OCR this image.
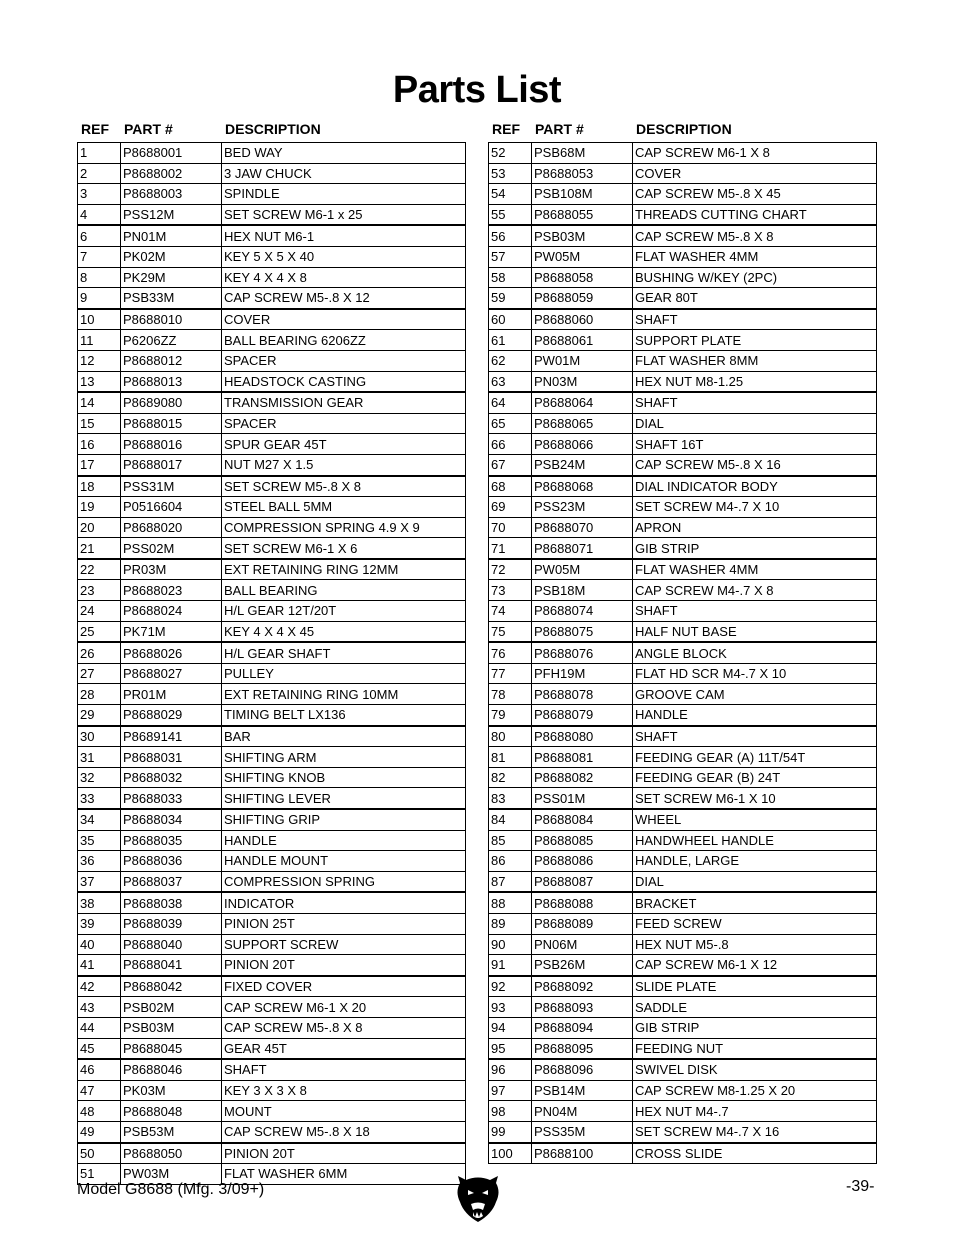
Parts List
REF PART #	DESCRIPTION	REF PART #	DESCRIPTION
1	P8688001	BED WAY
2	P8688002	3 JAW CHUCK
3	P8688003	SPINDLE
4	PSS12M	SET SCREW M6-1 x 25
6	PN01M	HEX NUT M6-1
7	PK02M	KEY 5 X 5 X 40
8	PK29M	KEY 4 X 4 X 8
9	PSB33M	CAP SCREW M5-.8 X 12
10	P8688010	COVER
11	P6206ZZ	BALL BEARING 6206ZZ
12	P8688012	SPACER
13	P8688013	HEADSTOCK CASTING
14	P8689080	TRANSMISSION GEAR
15	P8688015	SPACER
16	P8688016	SPUR GEAR 45T
17	P8688017	NUT M27 X 1.5
18	PSS31M	SET SCREW M5-.8 X 8
19	P0516604	STEEL BALL 5MM
20	P8688020	COMPRESSION SPRING 4.9 X 9
21	PSS02M	SET SCREW M6-1 X 6
22	PR03M	EXT RETAINING RING 12MM
23	P8688023	BALL BEARING
24	P8688024	H/L GEAR 12T/20T
25	PK71M	KEY 4 X 4 X 45
26	P8688026	H/L GEAR SHAFT
27	P8688027	PULLEY
28	PR01M	EXT RETAINING RING 10MM
29	P8688029	TIMING BELT LX136
30	P8689141	BAR
31	P8688031	SHIFTING ARM
32	P8688032	SHIFTING KNOB
33	P8688033	SHIFTING LEVER
34	P8688034	SHIFTING GRIP
35	P8688035	HANDLE
36	P8688036	HANDLE MOUNT
37	P8688037	COMPRESSION SPRING
38	P8688038	INDICATOR
39	P8688039	PINION 25T
40	P8688040	SUPPORT SCREW
41	P8688041	PINION 20T
42	P8688042	FIXED COVER
43	PSB02M	CAP SCREW M6-1 X 20
44	PSB03M	CAP SCREW M5-.8 X 8
45	P8688045	GEAR 45T
46	P8688046	SHAFT
47	PK03M	KEY 3 X 3 X 8
48	P8688048	MOUNT
49	PSB53M	CAP SCREW M5-.8 X 18
50	P8688050	PINION 20T
51	PW03M	FLAT WASHER 6MM
52	PSB68M	CAP SCREW M6-1 X 8
53	P8688053	COVER
54	PSB108M	CAP SCREW M5-.8 X 45
55	P8688055	THREADS CUTTING CHART
56	PSB03M	CAP SCREW M5-.8 X 8
57	PW05M	FLAT WASHER 4MM
58	P8688058	BUSHING W/KEY (2PC)
59	P8688059	GEAR 80T
60	P8688060	SHAFT
61	P8688061	SUPPORT PLATE
62	PW01M	FLAT WASHER 8MM
63	PN03M	HEX NUT M8-1.25
64	P8688064	SHAFT
65	P8688065	DIAL
66	P8688066	SHAFT 16T
67	PSB24M	CAP SCREW M5-.8 X 16
68	P8688068	DIAL INDICATOR BODY
69	PSS23M	SET SCREW M4-.7 X 10
70	P8688070	APRON
71	P8688071	GIB STRIP
72	PW05M	FLAT WASHER 4MM
73	PSB18M	CAP SCREW M4-.7 X 8
74	P8688074	SHAFT
75	P8688075	HALF NUT BASE
76	P8688076	ANGLE BLOCK
77	PFH19M	FLAT HD SCR M4-.7 X 10
78	P8688078	GROOVE CAM
79	P8688079	HANDLE
80	P8688080	SHAFT
81	P8688081	FEEDING GEAR (A) 11T/54T
82	P8688082	FEEDING GEAR (B) 24T
83	PSS01M	SET SCREW M6-1 X 10
84	P8688084	WHEEL
85	P8688085	HANDWHEEL HANDLE
86	P8688086	HANDLE, LARGE
87	P8688087	DIAL
88	P8688088	BRACKET
89	P8688089	FEED SCREW
90	PN06M	HEX NUT M5-.8
91	PSB26M	CAP SCREW M6-1 X 12
92	P8688092	SLIDE PLATE
93	P8688093	SADDLE
94	P8688094	GIB STRIP
95	P8688095	FEEDING NUT
96	P8688096	SWIVEL DISK
97	PSB14M	CAP SCREW M8-1.25 X 20
98	PN04M	HEX NUT M4-.7
99	PSS35M	SET SCREW M4-.7 X 16
100	P8688100	CROSS SLIDE
Model G8688 (Mfg. 3/09+)	-39-
